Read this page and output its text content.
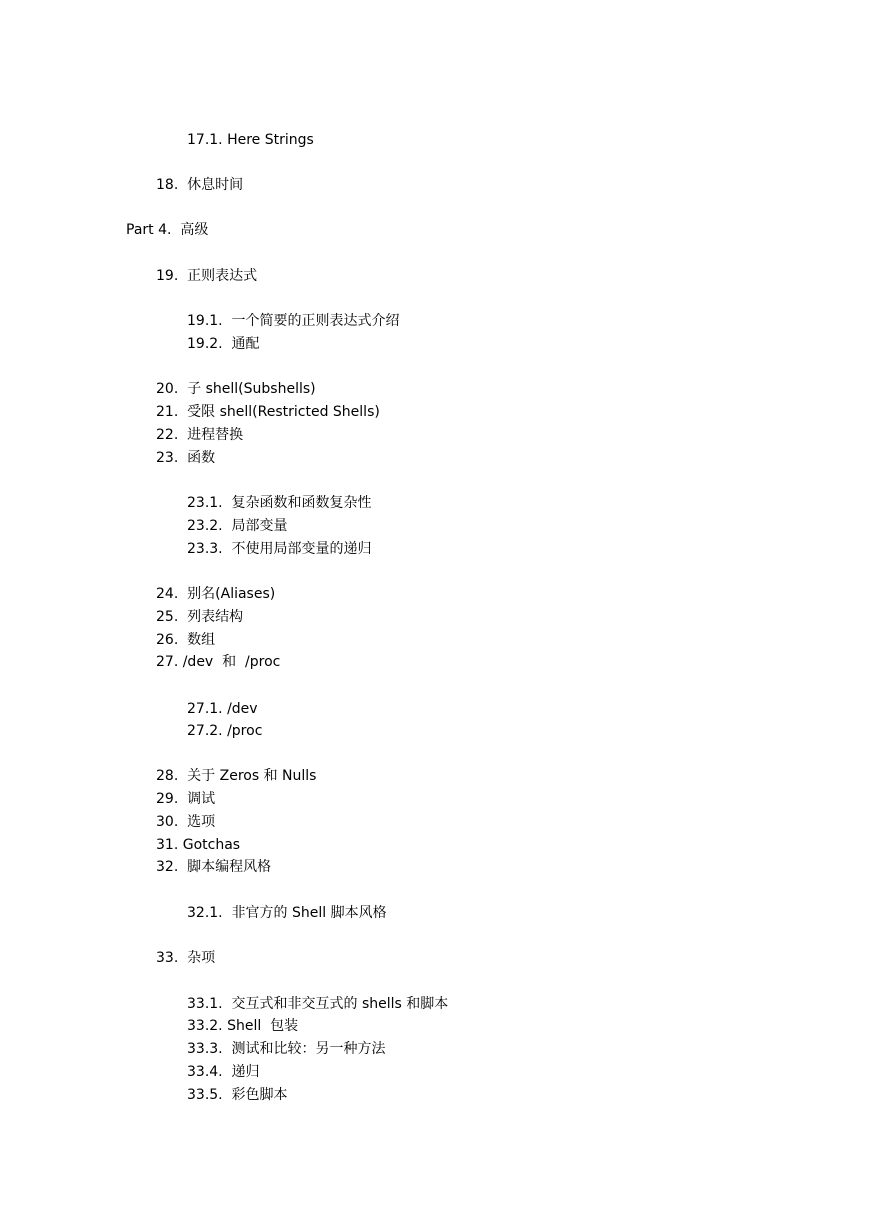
17.1. Here Strings
18.  休息时间
Part 4.  高级
19.  正则表达式
19.1.  一个简要的正则表达式介绍
19.2.  通配
20.  子 shell(Subshells)
21.  受限 shell(Restricted Shells)
22.  进程替换
23.  函数
23.1.  复杂函数和函数复杂性
23.2.  局部变量
23.3.  不使用局部变量的递归
24.  别名(Aliases)
25.  列表结构
26.  数组
27. /dev  和  /proc
27.1. /dev
27.2. /proc
28.  关于 Zeros 和 Nulls
29.  调试
30.  选项
31. Gotchas
32.  脚本编程风格
32.1.  非官方的 Shell 脚本风格
33.  杂项
33.1.  交互式和非交互式的 shells 和脚本
33.2. Shell  包装
33.3.  测试和比较：另一种方法
33.4.  递归
33.5.  彩色脚本
